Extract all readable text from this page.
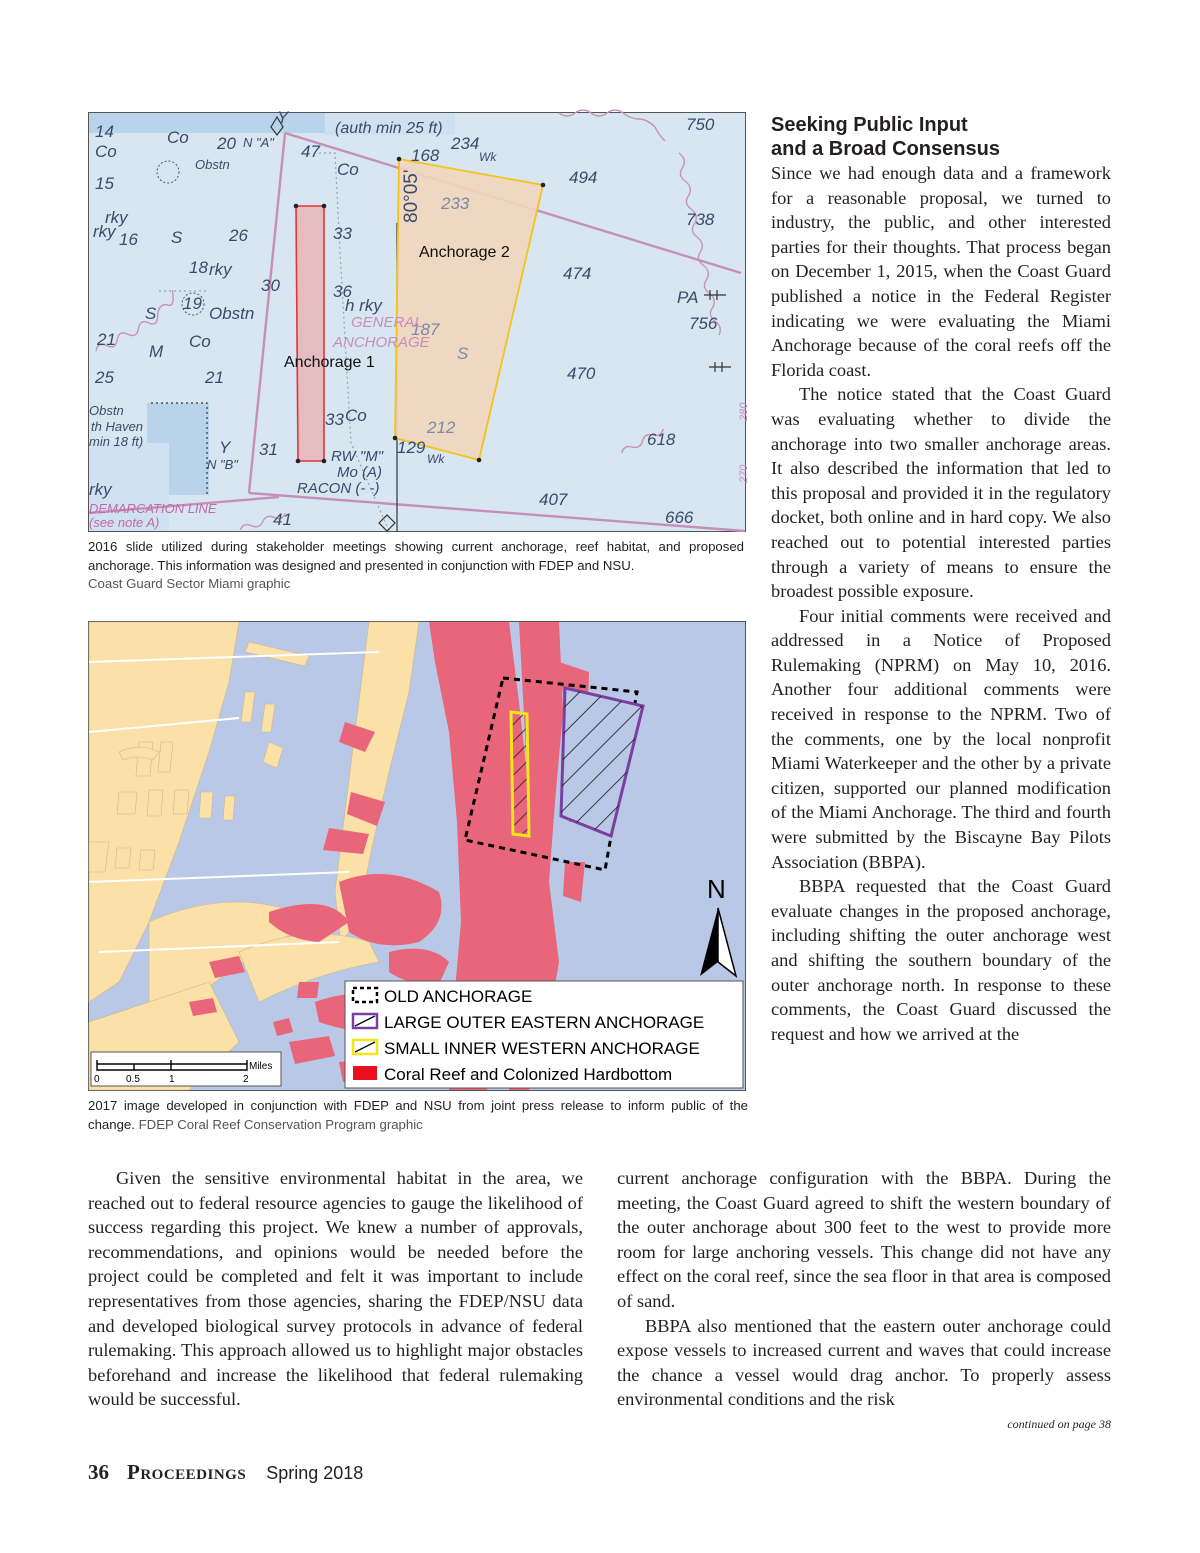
14
20	47	234
168
750
494
738
15
16	26	33
18
30	36
474
PA
756
19
21
25
187
470
21
33	212
618
31	129
407
666
41
233
Co
Co
Co
Co
Co
S
S
S
M
rky
rky
rky
h rky
Wk
Wk
Y
Y
Obstn
Obstn
280
270
rky
(auth min 25 ft)
N "A"
N "B"
th Haven
min 18 ft)
Obstn
RW "M"
Mo (A)
RACON (- -)
DEMARCATION LINE
(see note A)
GENERAL
ANCHORAGE
80°05'
Anchorage 2
Anchorage 1
2016 slide utilized during stakeholder meetings showing current anchorage, reef habitat, and proposed anchorage. This information was designed and presented in conjunction with FDEP and NSU.
Coast Guard Sector Miami graphic
N
OLD ANCHORAGE
LARGE OUTER EASTERN ANCHORAGE
SMALL INNER WESTERN ANCHORAGE
Coral Reef and Colonized Hardbottom
Miles
0	0.5	1	2
2017 image developed in conjunction with FDEP and NSU from joint press release to inform public of the change. FDEP Coral Reef Conservation Program graphic
Seeking Public Input
and a Broad Consensus

Since we had enough data and a framework for a reasonable proposal, we turned to industry, the public, and other interested parties for their thoughts. That process began on December 1, 2015, when the Coast Guard published a notice in the Federal Register indicating we were evaluating the Miami Anchorage because of the coral reefs off the Florida coast.

The notice stated that the Coast Guard was evaluating whether to divide the anchorage into two smaller anchorage areas. It also described the information that led to this proposal and provided it in the regulatory docket, both online and in hard copy. We also reached out to potential interested parties through a variety of means to ensure the broadest possible exposure.

Four initial comments were received and addressed in a Notice of Proposed Rulemaking (NPRM) on May 10, 2016. Another four additional comments were received in response to the NPRM. Two of the comments, one by the local nonprofit Miami Waterkeeper and the other by a private citizen, supported our planned modification of the Miami Anchorage. The third and fourth were submitted by the Biscayne Bay Pilots Association (BBPA).

BBPA requested that the Coast Guard evaluate changes in the proposed anchorage, including shifting the outer anchorage west and shifting the southern boundary of the outer anchorage north. In response to these comments, the Coast Guard discussed the request and how we arrived at the

current anchorage configuration with the BBPA. During the meeting, the Coast Guard agreed to shift the western boundary of the outer anchorage about 300 feet to the west to provide more room for large anchoring vessels. This change did not have any effect on the coral reef, since the sea floor in that area is composed of sand.

BBPA also mentioned that the eastern outer anchorage could expose vessels to increased current and waves that could increase the chance a vessel would drag anchor. To properly assess environmental conditions and the risk

continued on page 38

Given the sensitive environmental habitat in the area, we reached out to federal resource agencies to gauge the likelihood of success regarding this project. We knew a number of approvals, recommendations, and opinions would be needed before the project could be completed and felt it was important to include representatives from those agencies, sharing the FDEP/NSU data and developed biological survey protocols in advance of federal rulemaking. This approach allowed us to highlight major obstacles beforehand and increase the likelihood that federal rulemaking would be successful.

36 Proceedings Spring 2018
